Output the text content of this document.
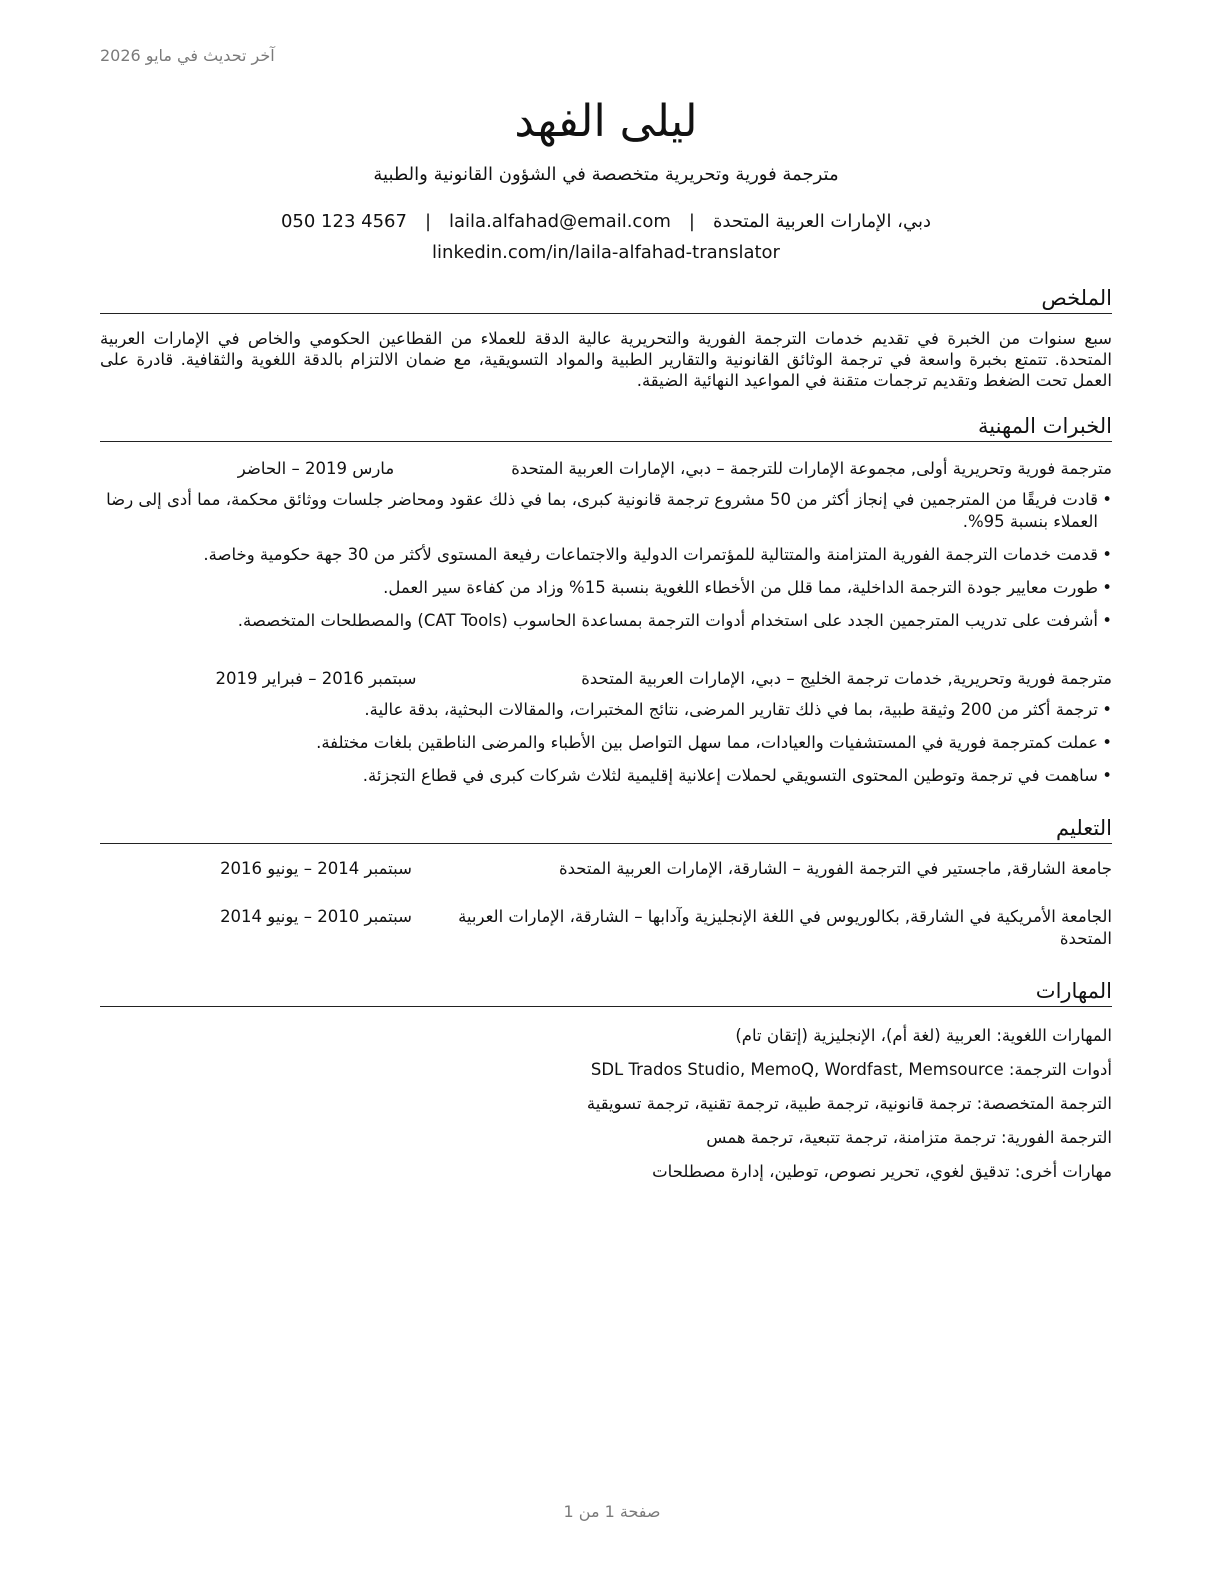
آخر تحديث في مايو 2026
ليلى الفهد
مترجمة فورية وتحريرية متخصصة في الشؤون القانونية والطبية
دبي، الإمارات العربية المتحدة|laila.alfahad@email.com|050 123 4567
linkedin.com/in/laila-alfahad-translator
الملخص
سبع سنوات من الخبرة في تقديم خدمات الترجمة الفورية والتحريرية عالية الدقة للعملاء من القطاعين الحكومي والخاص في الإمارات العربية المتحدة. تتمتع بخبرة واسعة في ترجمة الوثائق القانونية والتقارير الطبية والمواد التسويقية، مع ضمان الالتزام بالدقة اللغوية والثقافية. قادرة على العمل تحت الضغط وتقديم ترجمات متقنة في المواعيد النهائية الضيقة.
الخبرات المهنية
مترجمة فورية وتحريرية أولى, مجموعة الإمارات للترجمة – دبي، الإمارات العربية المتحدة
مارس 2019 – الحاضر
• قادت فريقًا من المترجمين في إنجاز أكثر من 50 مشروع ترجمة قانونية كبرى، بما في ذلك عقود ومحاضر جلسات ووثائق محكمة، مما أدى إلى رضا العملاء بنسبة 95%.
• قدمت خدمات الترجمة الفورية المتزامنة والمتتالية للمؤتمرات الدولية والاجتماعات رفيعة المستوى لأكثر من 30 جهة حكومية وخاصة.
• طورت معايير جودة الترجمة الداخلية، مما قلل من الأخطاء اللغوية بنسبة 15% وزاد من كفاءة سير العمل.
• أشرفت على تدريب المترجمين الجدد على استخدام أدوات الترجمة بمساعدة الحاسوب (CAT Tools) والمصطلحات المتخصصة.
مترجمة فورية وتحريرية, خدمات ترجمة الخليج – دبي، الإمارات العربية المتحدة
سبتمبر 2016 – فبراير 2019
• ترجمة أكثر من 200 وثيقة طبية، بما في ذلك تقارير المرضى، نتائج المختبرات، والمقالات البحثية، بدقة عالية.
• عملت كمترجمة فورية في المستشفيات والعيادات، مما سهل التواصل بين الأطباء والمرضى الناطقين بلغات مختلفة.
• ساهمت في ترجمة وتوطين المحتوى التسويقي لحملات إعلانية إقليمية لثلاث شركات كبرى في قطاع التجزئة.
التعليم
جامعة الشارقة, ماجستير في الترجمة الفورية – الشارقة، الإمارات العربية المتحدة
سبتمبر 2014 – يونيو 2016
الجامعة الأمريكية في الشارقة, بكالوريوس في اللغة الإنجليزية وآدابها – الشارقة، الإمارات العربية المتحدة
سبتمبر 2010 – يونيو 2014
المهارات
المهارات اللغوية: العربية (لغة أم)، الإنجليزية (إتقان تام)
أدوات الترجمة: SDL Trados Studio, MemoQ, Wordfast, Memsource
الترجمة المتخصصة: ترجمة قانونية، ترجمة طبية، ترجمة تقنية، ترجمة تسويقية
الترجمة الفورية: ترجمة متزامنة، ترجمة تتبعية، ترجمة همس
مهارات أخرى: تدقيق لغوي، تحرير نصوص، توطين، إدارة مصطلحات
صفحة 1 من 1
